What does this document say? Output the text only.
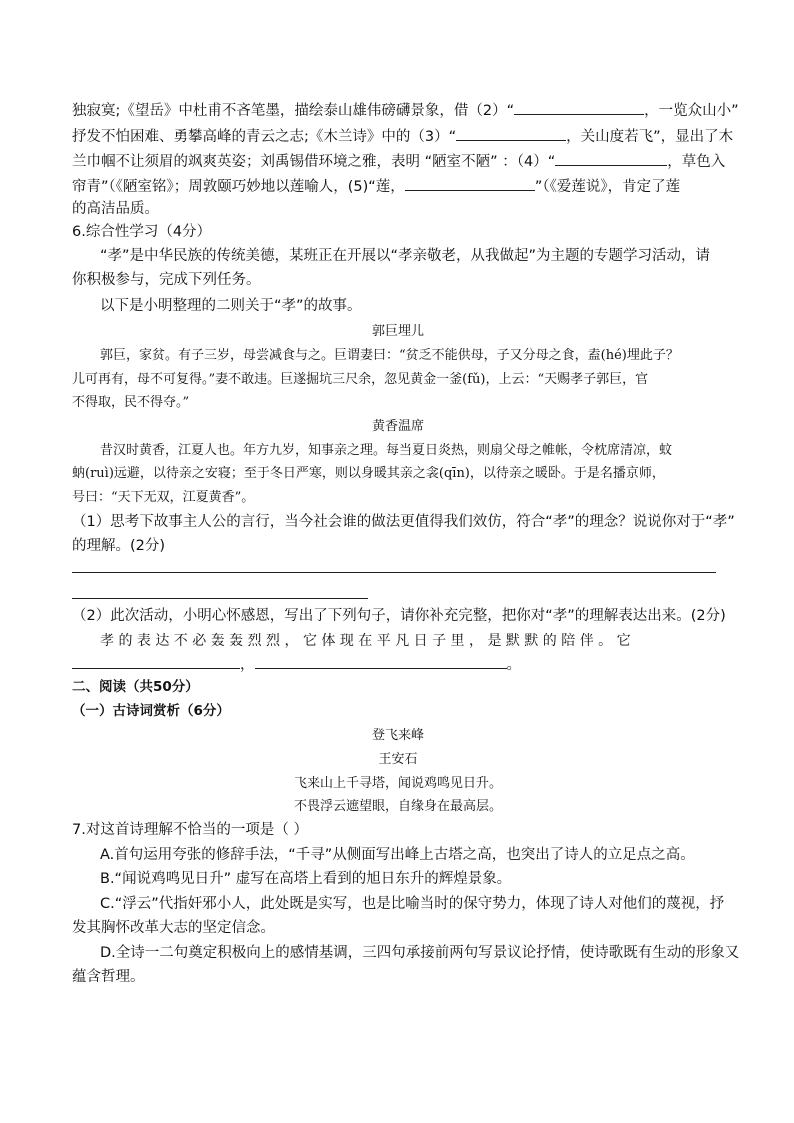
独寂寞;《望岳》中杜甫不吝笔墨，描绘泰山雄伟磅礴景象，借（2）“	，一览众山小”
抒发不怕困难、勇攀高峰的青云之志;《木兰诗》中的（3）“	，关山度若飞”，显出了木
兰巾帼不让须眉的飒爽英姿；刘禹锡借环境之雅，表明 “陋室不陋” ：（4）“	，草色入
帘青”（《陋室铭》；周敦颐巧妙地以莲喻人，(5)“莲，	”（《爱莲说》，肯定了莲
的高洁品质。
6.综合性学习（4分）
“孝”是中华民族的传统美德，某班正在开展以“孝亲敬老，从我做起”为主题的专题学习活动，请
你积极参与，完成下列任务。
以下是小明整理的二则关于“孝”的故事。
郭巨埋儿
郭巨，家贫。有子三岁，母尝减食与之。巨谓妻曰：“贫乏不能供母，子又分母之食，盍(hé)埋此子？
儿可再有，母不可复得。”妻不敢违。巨遂掘坑三尺余，忽见黄金一釜(fǔ)，上云：“天赐孝子郭巨，官
不得取，民不得夺。”
黄香温席
昔汉时黄香，江夏人也。年方九岁，知事亲之理。每当夏日炎热，则扇父母之帷帐，令枕席清凉，蚊
蚋(ruì)远避，以待亲之安寝；至于冬日严寒，则以身暖其亲之衾(qīn)，以待亲之暖卧。于是名播京师，
号曰：“天下无双，江夏黄香”。
（1）思考下故事主人公的言行，当今社会谁的做法更值得我们效仿，符合“孝”的理念？说说你对于“孝”
的理解。(2分)
（2）此次活动，小明心怀感恩，写出了下列句子，请你补充完整，把你对“孝”的理解表达出来。(2分)
孝 的 表 达 不 必 轰 轰 烈 烈 ， 它 体 现 在 平 凡 日 子 里 ， 是 默 默 的 陪 伴 。 它
，	。
二、阅读（共50分）
（一）古诗词赏析（6分）
登飞来峰
王安石
飞来山上千寻塔，闻说鸡鸣见日升。
不畏浮云遮望眼，自缘身在最高层。
7.对这首诗理解不恰当的一项是（ ）
A.首句运用夸张的修辞手法，“千寻”从侧面写出峰上古塔之高，也突出了诗人的立足点之高。
B.“闻说鸡鸣见日升” 虚写在高塔上看到的旭日东升的辉煌景象。
C.“浮云”代指奸邪小人，此处既是实写，也是比喻当时的保守势力，体现了诗人对他们的蔑视，抒
发其胸怀改革大志的坚定信念。
D.全诗一二句奠定积极向上的感情基调，三四句承接前两句写景议论抒情，使诗歌既有生动的形象又
蕴含哲理。
